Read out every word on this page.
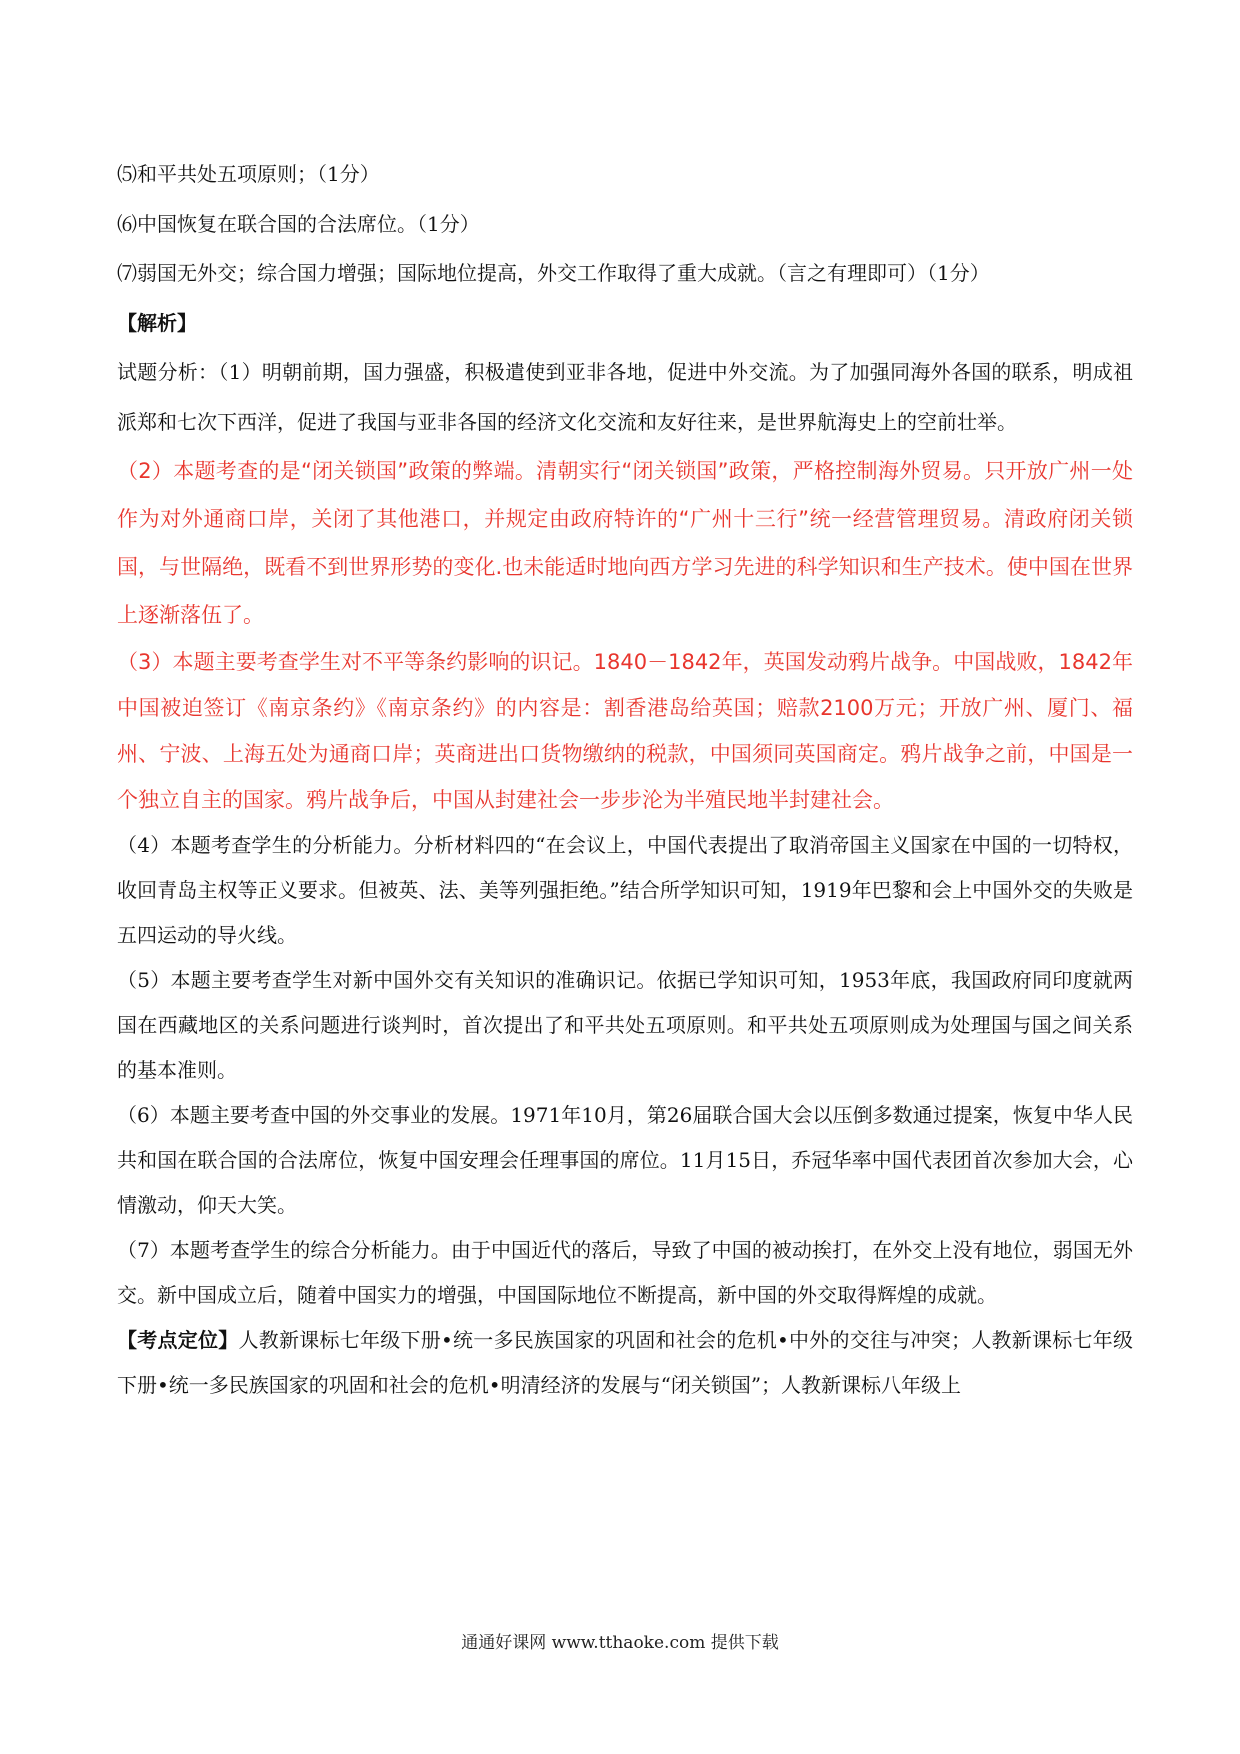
⑸和平共处五项原则；（1分）

⑹中国恢复在联合国的合法席位。（1分）

⑺弱国无外交；综合国力增强；国际地位提高，外交工作取得了重大成就。（言之有理即可）（1分）

【解析】

试题分析：（1）明朝前期，国力强盛，积极遣使到亚非各地，促进中外交流。为了加强同海外各国的联系，明成祖派郑和七次下西洋，促进了我国与亚非各国的经济文化交流和友好往来，是世界航海史上的空前壮举。

（2）本题考查的是“闭关锁国”政策的弊端。清朝实行“闭关锁国”政策，严格控制海外贸易。只开放广州一处作为对外通商口岸，关闭了其他港口，并规定由政府特许的“广州十三行”统一经营管理贸易。清政府闭关锁国，与世隔绝，既看不到世界形势的变化.也未能适时地向西方学习先进的科学知识和生产技术。使中国在世界上逐渐落伍了。

（3）本题主要考查学生对不平等条约影响的识记。1840－1842年，英国发动鸦片战争。中国战败，1842年中国被迫签订《南京条约》《南京条约》的内容是：割香港岛给英国；赔款2100万元；开放广州、厦门、福州、宁波、上海五处为通商口岸；英商进出口货物缴纳的税款，中国须同英国商定。鸦片战争之前，中国是一个独立自主的国家。鸦片战争后，中国从封建社会一步步沦为半殖民地半封建社会。

（4）本题考查学生的分析能力。分析材料四的“在会议上，中国代表提出了取消帝国主义国家在中国的一切特权，收回青岛主权等正义要求。但被英、法、美等列强拒绝。”结合所学知识可知，1919年巴黎和会上中国外交的失败是五四运动的导火线。

（5）本题主要考查学生对新中国外交有关知识的准确识记。依据已学知识可知，1953年底，我国政府同印度就两国在西藏地区的关系问题进行谈判时，首次提出了和平共处五项原则。和平共处五项原则成为处理国与国之间关系的基本准则。

（6）本题主要考查中国的外交事业的发展。1971年10月，第26届联合国大会以压倒多数通过提案，恢复中华人民共和国在联合国的合法席位，恢复中国安理会任理事国的席位。11月15日，乔冠华率中国代表团首次参加大会，心情激动，仰天大笑。

（7）本题考查学生的综合分析能力。由于中国近代的落后，导致了中国的被动挨打，在外交上没有地位，弱国无外交。新中国成立后，随着中国实力的增强，中国国际地位不断提高，新中国的外交取得辉煌的成就。

【考点定位】人教新课标七年级下册•统一多民族国家的巩固和社会的危机•中外的交往与冲突；人教新课标七年级下册•统一多民族国家的巩固和社会的危机•明清经济的发展与“闭关锁国”；人教新课标八年级上

通通好课网 www.tthaoke.com 提供下载
